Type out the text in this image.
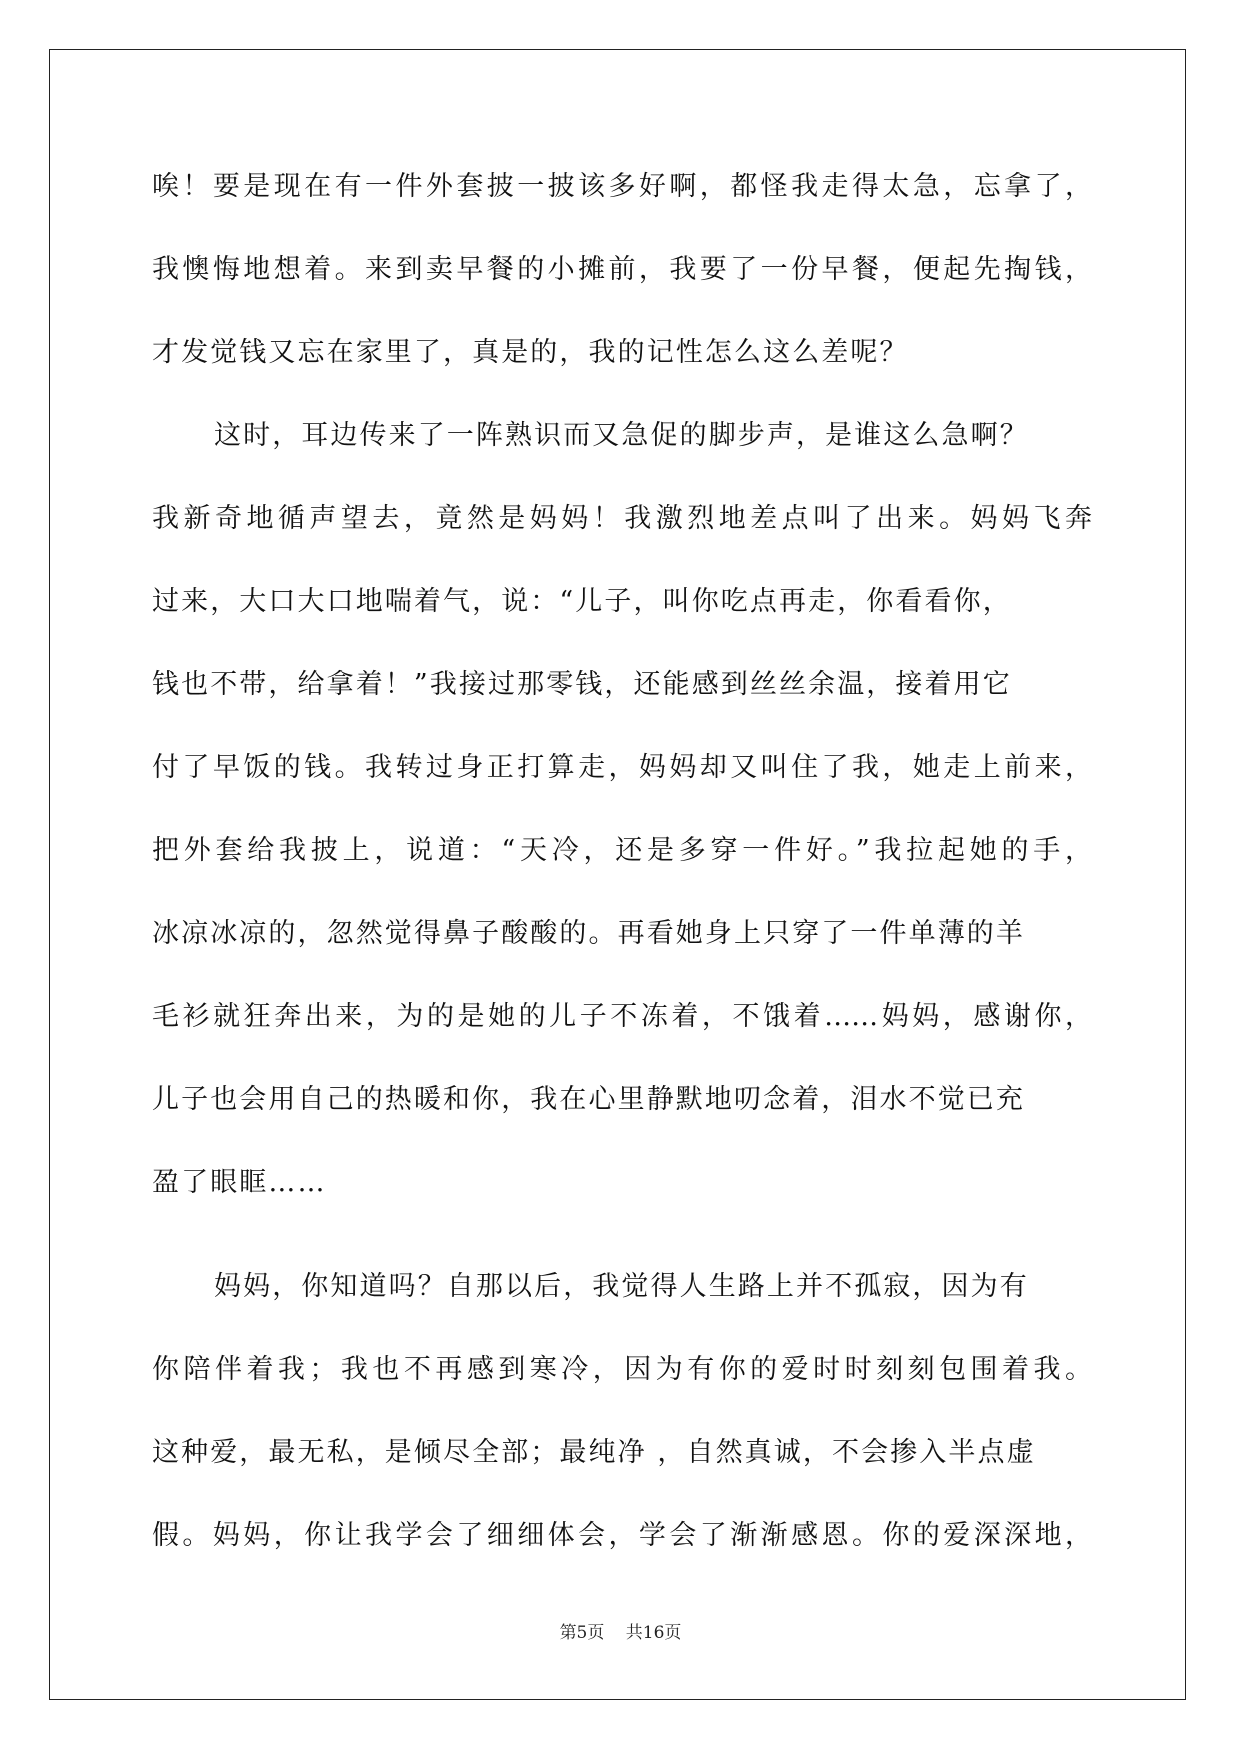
唉！要是现在有一件外套披一披该多好啊，都怪我走得太急，忘拿了，
我懊悔地想着。来到卖早餐的小摊前，我要了一份早餐，便起先掏钱，
才发觉钱又忘在家里了，真是的，我的记性怎么这么差呢？
这时，耳边传来了一阵熟识而又急促的脚步声，是谁这么急啊？
我新奇地循声望去，竟然是妈妈！我激烈地差点叫了出来。妈妈飞奔
过来，大口大口地喘着气，说：“儿子，叫你吃点再走，你看看你，
钱也不带，给拿着！”我接过那零钱，还能感到丝丝余温，接着用它
付了早饭的钱。我转过身正打算走，妈妈却又叫住了我，她走上前来，
把外套给我披上，说道：“天冷，还是多穿一件好。”我拉起她的手，
冰凉冰凉的，忽然觉得鼻子酸酸的。再看她身上只穿了一件单薄的羊
毛衫就狂奔出来，为的是她的儿子不冻着，不饿着……妈妈，感谢你，
儿子也会用自己的热暖和你，我在心里静默地叨念着，泪水不觉已充
盈了眼眶……
妈妈，你知道吗？自那以后，我觉得人生路上并不孤寂，因为有
你陪伴着我；我也不再感到寒冷，因为有你的爱时时刻刻包围着我。
这种爱，最无私，是倾尽全部；最纯净 ，自然真诚，不会掺入半点虚
假。妈妈，你让我学会了细细体会，学会了渐渐感恩。你的爱深深地，
第5页 共16页
